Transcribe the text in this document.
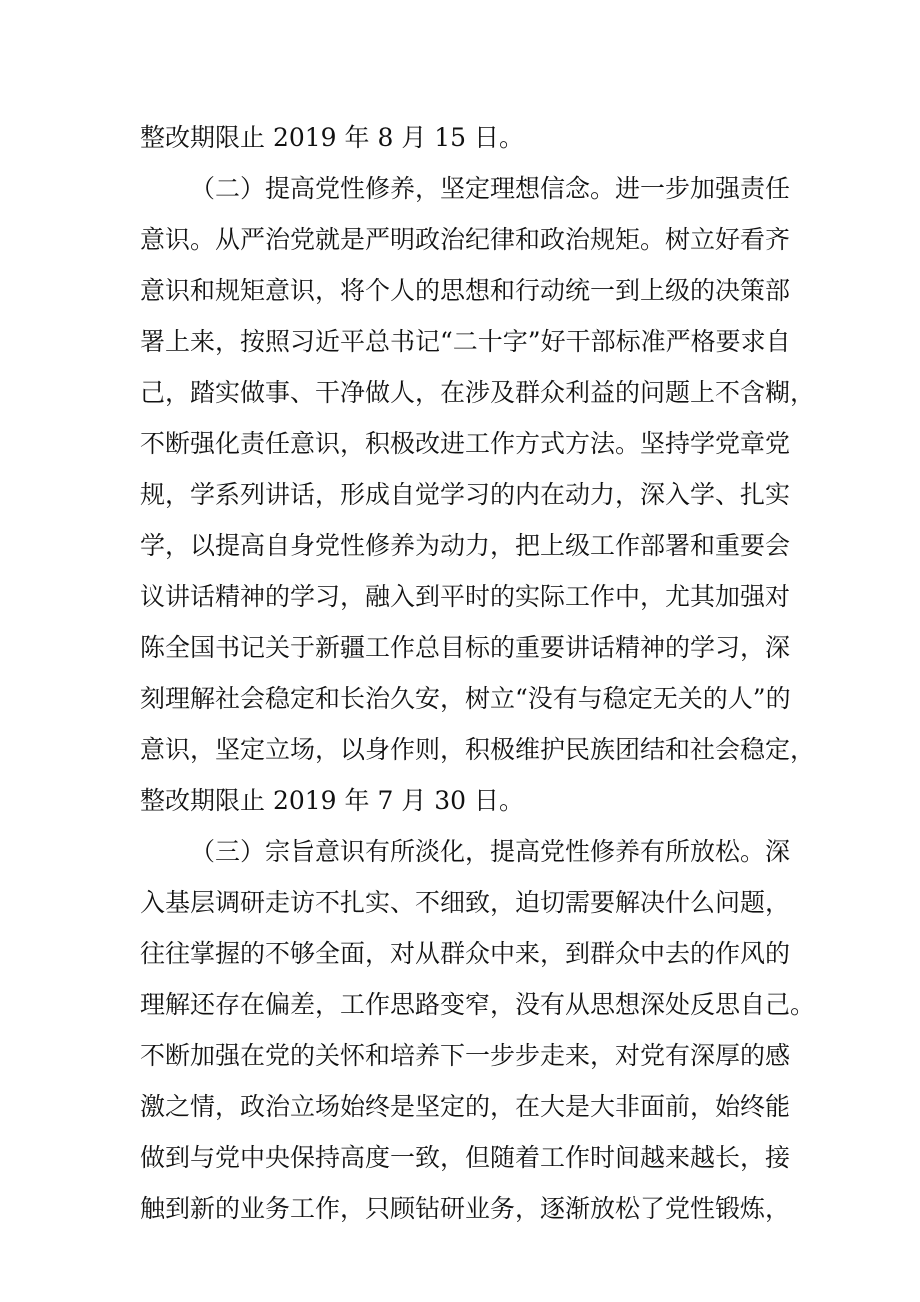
整改期限止 2019 年 8 月 15 日。
（二）提高党性修养，坚定理想信念。进一步加强责任
意识。从严治党就是严明政治纪律和政治规矩。树立好看齐
意识和规矩意识，将个人的思想和行动统一到上级的决策部
署上来，按照习近平总书记“二十字”好干部标准严格要求自
己，踏实做事、干净做人，在涉及群众利益的问题上不含糊，
不断强化责任意识，积极改进工作方式方法。坚持学党章党
规，学系列讲话，形成自觉学习的内在动力，深入学、扎实
学，以提高自身党性修养为动力，把上级工作部署和重要会
议讲话精神的学习，融入到平时的实际工作中，尤其加强对
陈全国书记关于新疆工作总目标的重要讲话精神的学习，深
刻理解社会稳定和长治久安，树立“没有与稳定无关的人”的
意识，坚定立场，以身作则，积极维护民族团结和社会稳定，
整改期限止 2019 年 7 月 30 日。
（三）宗旨意识有所淡化，提高党性修养有所放松。深
入基层调研走访不扎实、不细致，迫切需要解决什么问题，
往往掌握的不够全面，对从群众中来，到群众中去的作风的
理解还存在偏差，工作思路变窄，没有从思想深处反思自己。
不断加强在党的关怀和培养下一步步走来，对党有深厚的感
激之情，政治立场始终是坚定的，在大是大非面前，始终能
做到与党中央保持高度一致，但随着工作时间越来越长，接
触到新的业务工作，只顾钻研业务，逐渐放松了党性锻炼，
